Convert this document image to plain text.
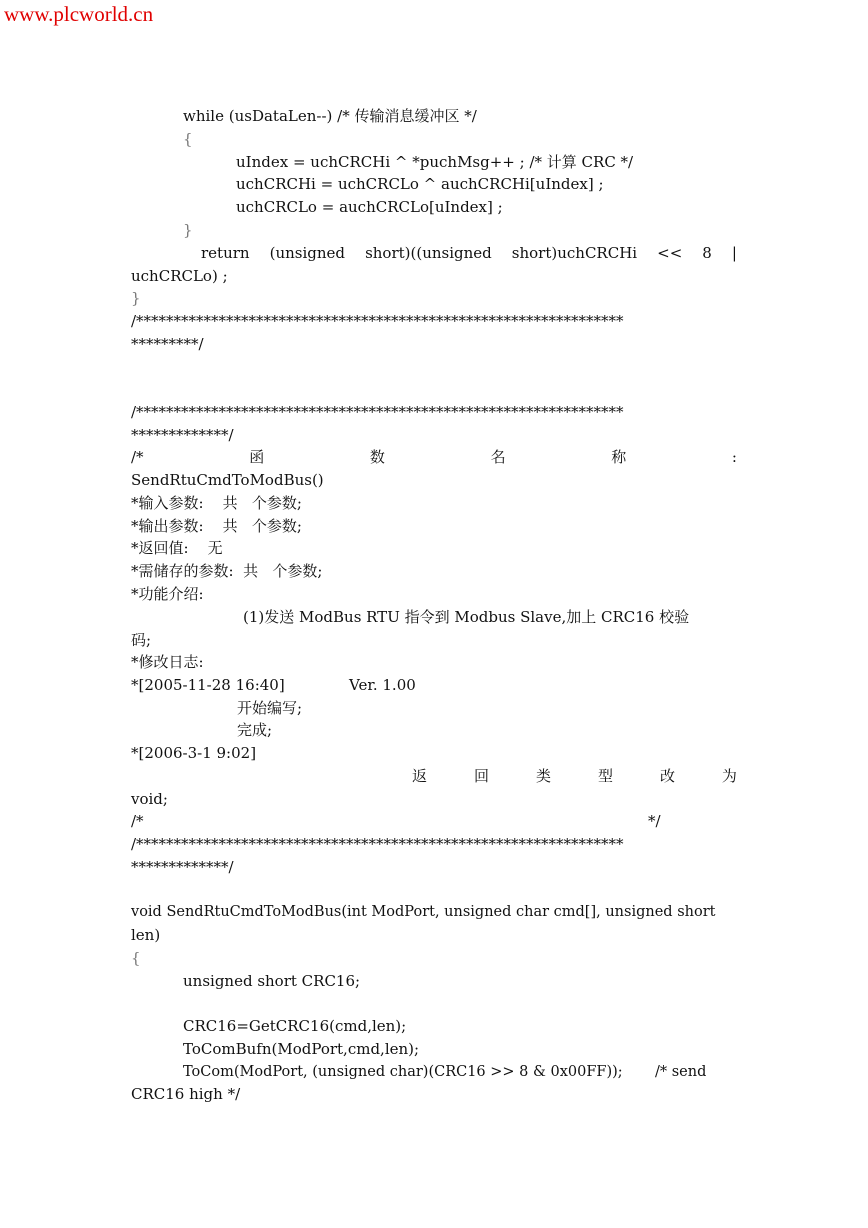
www.plcworld.cn
while (usDataLen--) /* 传输消息缓冲区 */
{
uIndex = uchCRCHi ^ *puchMsg++ ; /* 计算 CRC */
uchCRCHi = uchCRCLo ^ auchCRCHi[uIndex] ;
uchCRCLo = auchCRCLo[uIndex] ;
}
return (unsigned short)((unsigned short)uchCRCHi << 8 |
uchCRCLo) ;
}
/*****************************************************************
*********/
/*****************************************************************
*************/
/*	函	数	名	称	:
SendRtuCmdToModBus()
*输入参数:    共   个参数;
*输出参数:    共   个参数;
*返回值:    无
*需储存的参数:  共   个参数;
*功能介绍:
(1)发送 ModBus RTU 指令到 Modbus Slave,加上 CRC16 校验
码;
*修改日志:
*[2005-11-28 16:40]	Ver. 1.00
开始编写;
完成;
*[2006-3-1 9:02]
返	回	类	型	改	为
void;
/*	*/
/*****************************************************************
*************/
void SendRtuCmdToModBus(int ModPort, unsigned char cmd[], unsigned short
len)
{
unsigned short CRC16;
CRC16=GetCRC16(cmd,len);
ToComBufn(ModPort,cmd,len);
ToCom(ModPort, (unsigned char)(CRC16 >> 8 & 0x00FF));       /* send
CRC16 high */
